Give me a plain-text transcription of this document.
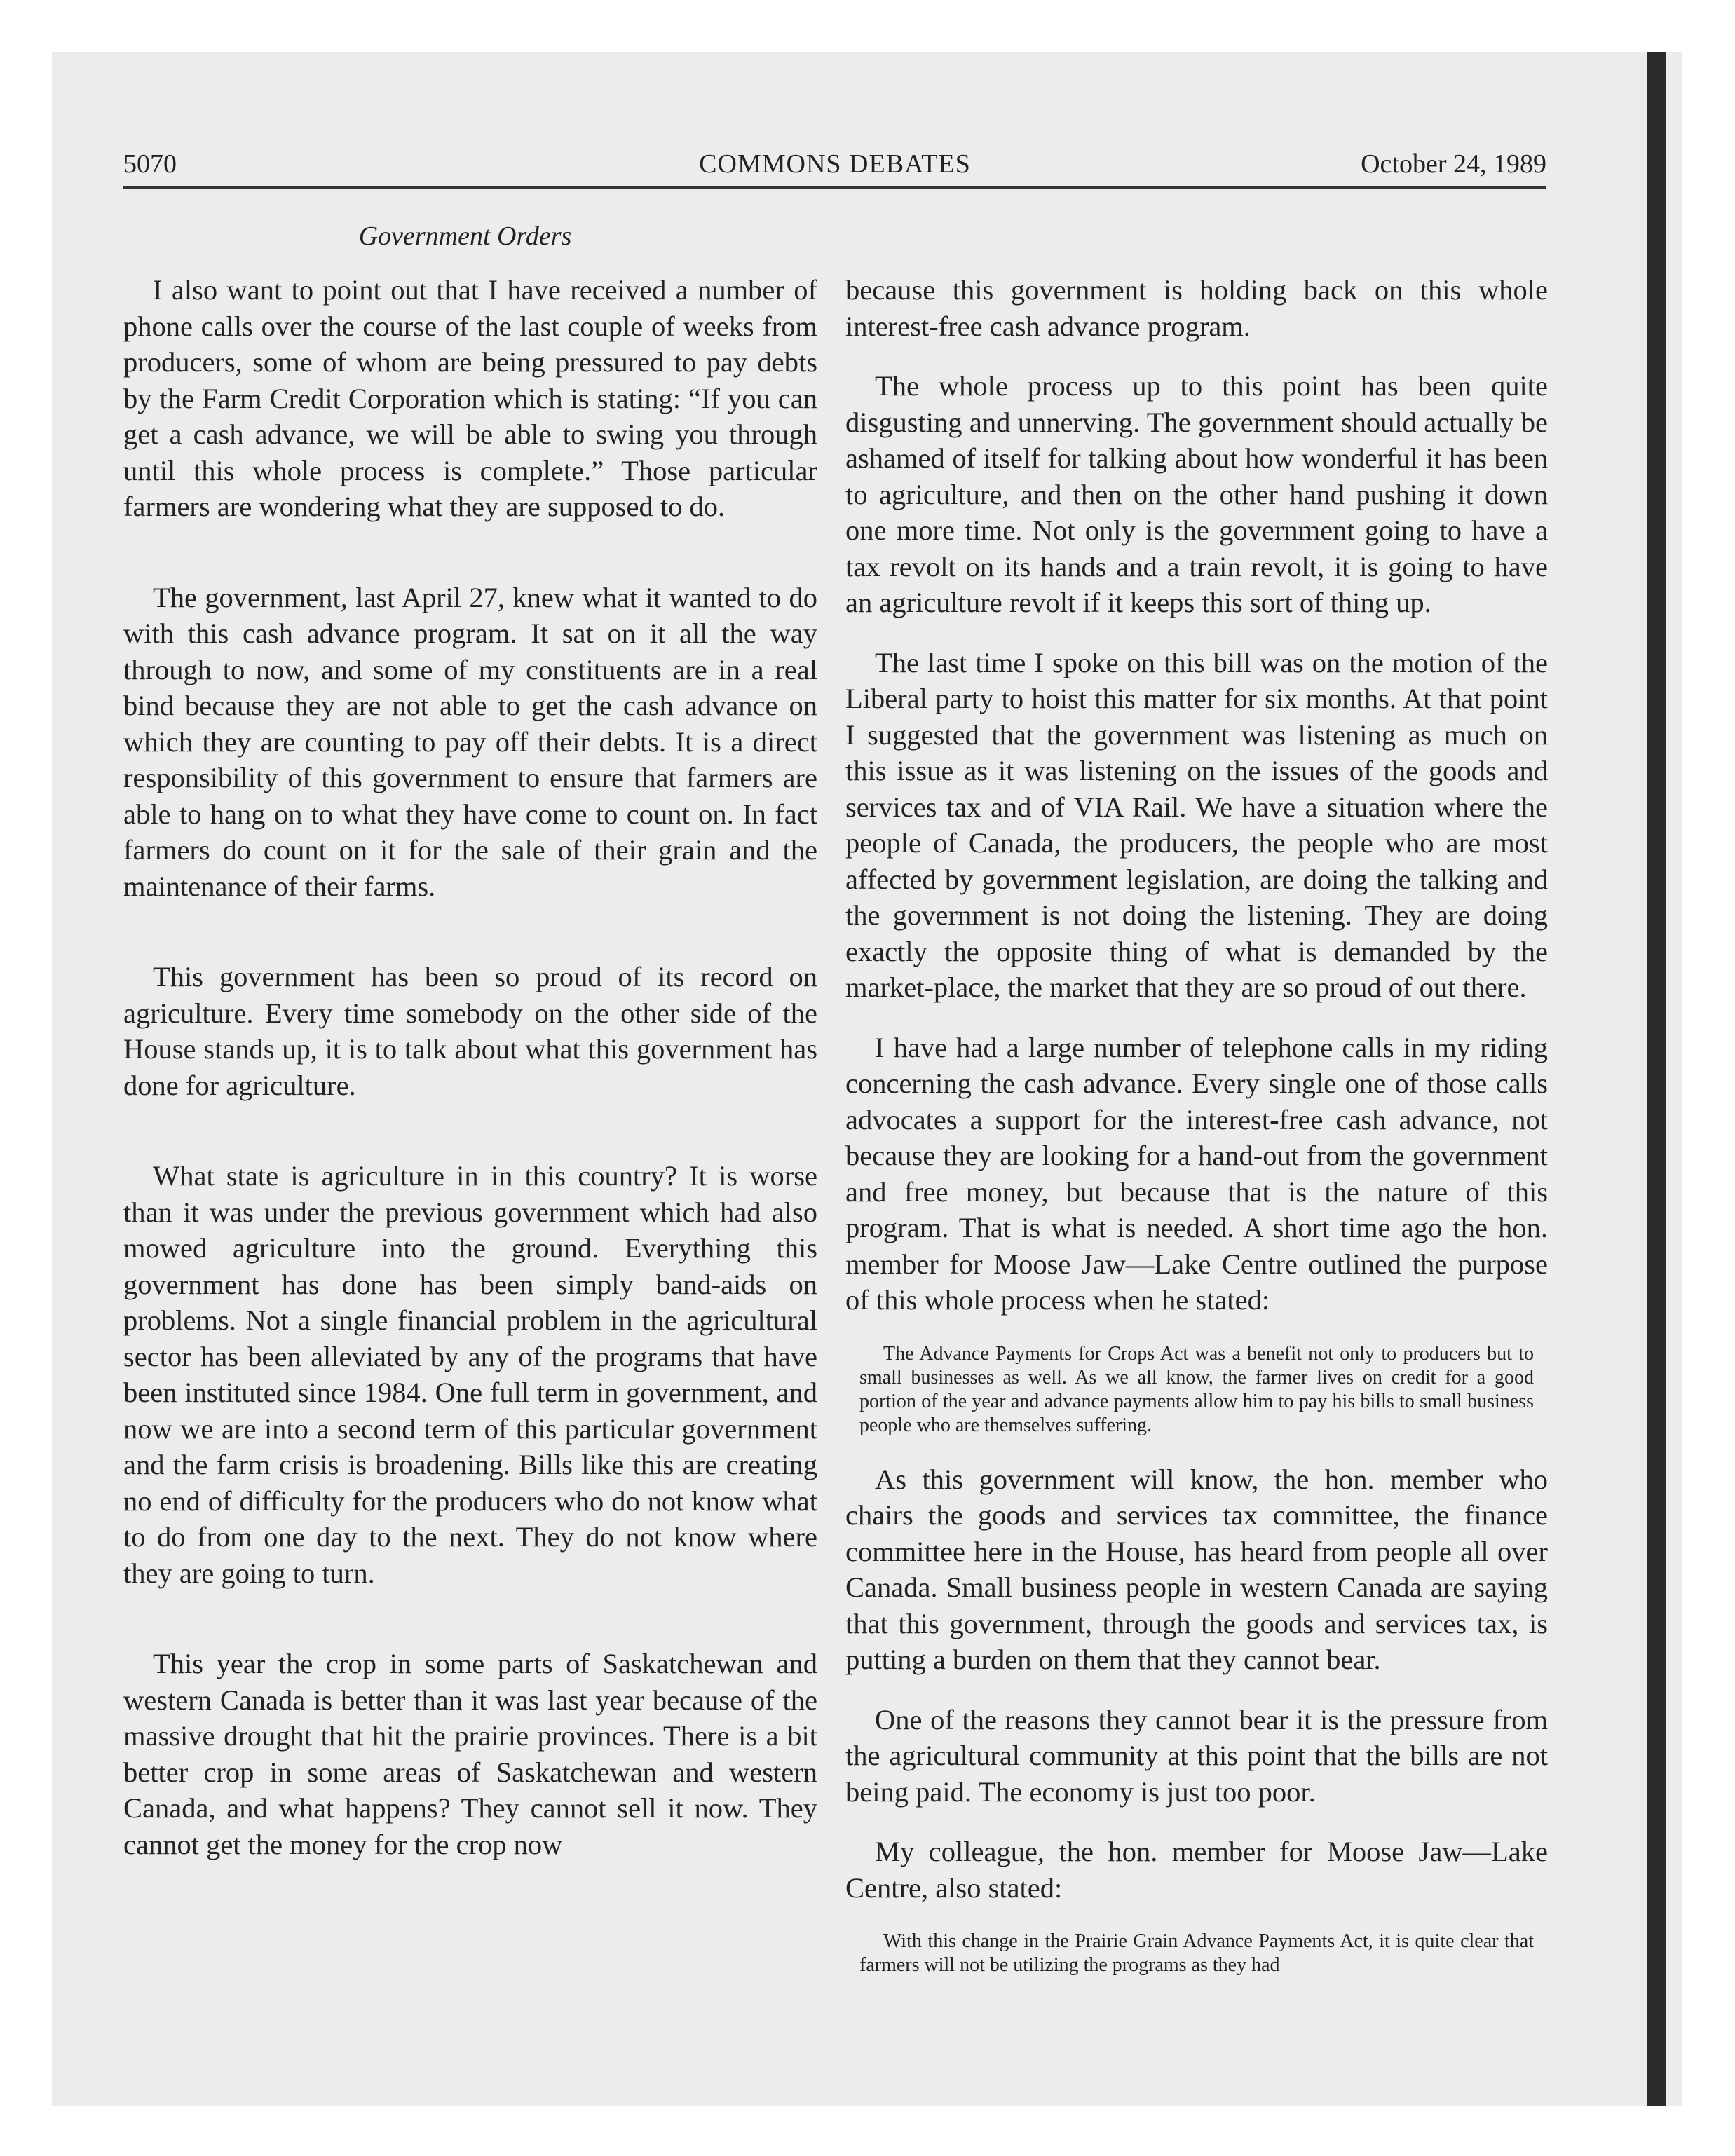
5070	COMMONS DEBATES	October 24, 1989
Government Orders

I also want to point out that I have received a number of phone calls over the course of the last couple of weeks from producers, some of whom are being pressured to pay debts by the Farm Credit Corporation which is stating: “If you can get a cash advance, we will be able to swing you through until this whole process is complete.” Those particular farmers are wondering what they are supposed to do.

The government, last April 27, knew what it wanted to do with this cash advance program. It sat on it all the way through to now, and some of my constituents are in a real bind because they are not able to get the cash advance on which they are counting to pay off their debts. It is a direct responsibility of this government to ensure that farmers are able to hang on to what they have come to count on. In fact farmers do count on it for the sale of their grain and the maintenance of their farms.

This government has been so proud of its record on agriculture. Every time somebody on the other side of the House stands up, it is to talk about what this government has done for agriculture.

What state is agriculture in in this country? It is worse than it was under the previous government which had also mowed agriculture into the ground. Everything this government has done has been simply band-aids on problems. Not a single financial problem in the agricultural sector has been alleviated by any of the programs that have been instituted since 1984. One full term in government, and now we are into a second term of this particular government and the farm crisis is broadening. Bills like this are creating no end of difficulty for the producers who do not know what to do from one day to the next. They do not know where they are going to turn.

This year the crop in some parts of Saskatchewan and western Canada is better than it was last year because of the massive drought that hit the prairie provinces. There is a bit better crop in some areas of Saskatchewan and western Canada, and what happens? They cannot sell it now. They cannot get the money for the crop now

because this government is holding back on this whole interest-free cash advance program.

The whole process up to this point has been quite disgusting and unnerving. The government should actually be ashamed of itself for talking about how wonderful it has been to agriculture, and then on the other hand pushing it down one more time. Not only is the government going to have a tax revolt on its hands and a train revolt, it is going to have an agriculture revolt if it keeps this sort of thing up.

The last time I spoke on this bill was on the motion of the Liberal party to hoist this matter for six months. At that point I suggested that the government was listening as much on this issue as it was listening on the issues of the goods and services tax and of VIA Rail. We have a situation where the people of Canada, the producers, the people who are most affected by government legislation, are doing the talking and the government is not doing the listening. They are doing exactly the opposite thing of what is demanded by the market-place, the market that they are so proud of out there.

I have had a large number of telephone calls in my riding concerning the cash advance. Every single one of those calls advocates a support for the interest-free cash advance, not because they are looking for a hand-out from the government and free money, but because that is the nature of this program. That is what is needed. A short time ago the hon. member for Moose Jaw—Lake Centre outlined the purpose of this whole process when he stated:

The Advance Payments for Crops Act was a benefit not only to producers but to small businesses as well. As we all know, the farmer lives on credit for a good portion of the year and advance payments allow him to pay his bills to small business people who are themselves suffering.

As this government will know, the hon. member who chairs the goods and services tax committee, the finance committee here in the House, has heard from people all over Canada. Small business people in western Canada are saying that this government, through the goods and services tax, is putting a burden on them that they cannot bear.

One of the reasons they cannot bear it is the pressure from the agricultural community at this point that the bills are not being paid. The economy is just too poor.

My colleague, the hon. member for Moose Jaw—Lake Centre, also stated:

With this change in the Prairie Grain Advance Payments Act, it is quite clear that farmers will not be utilizing the programs as they had
